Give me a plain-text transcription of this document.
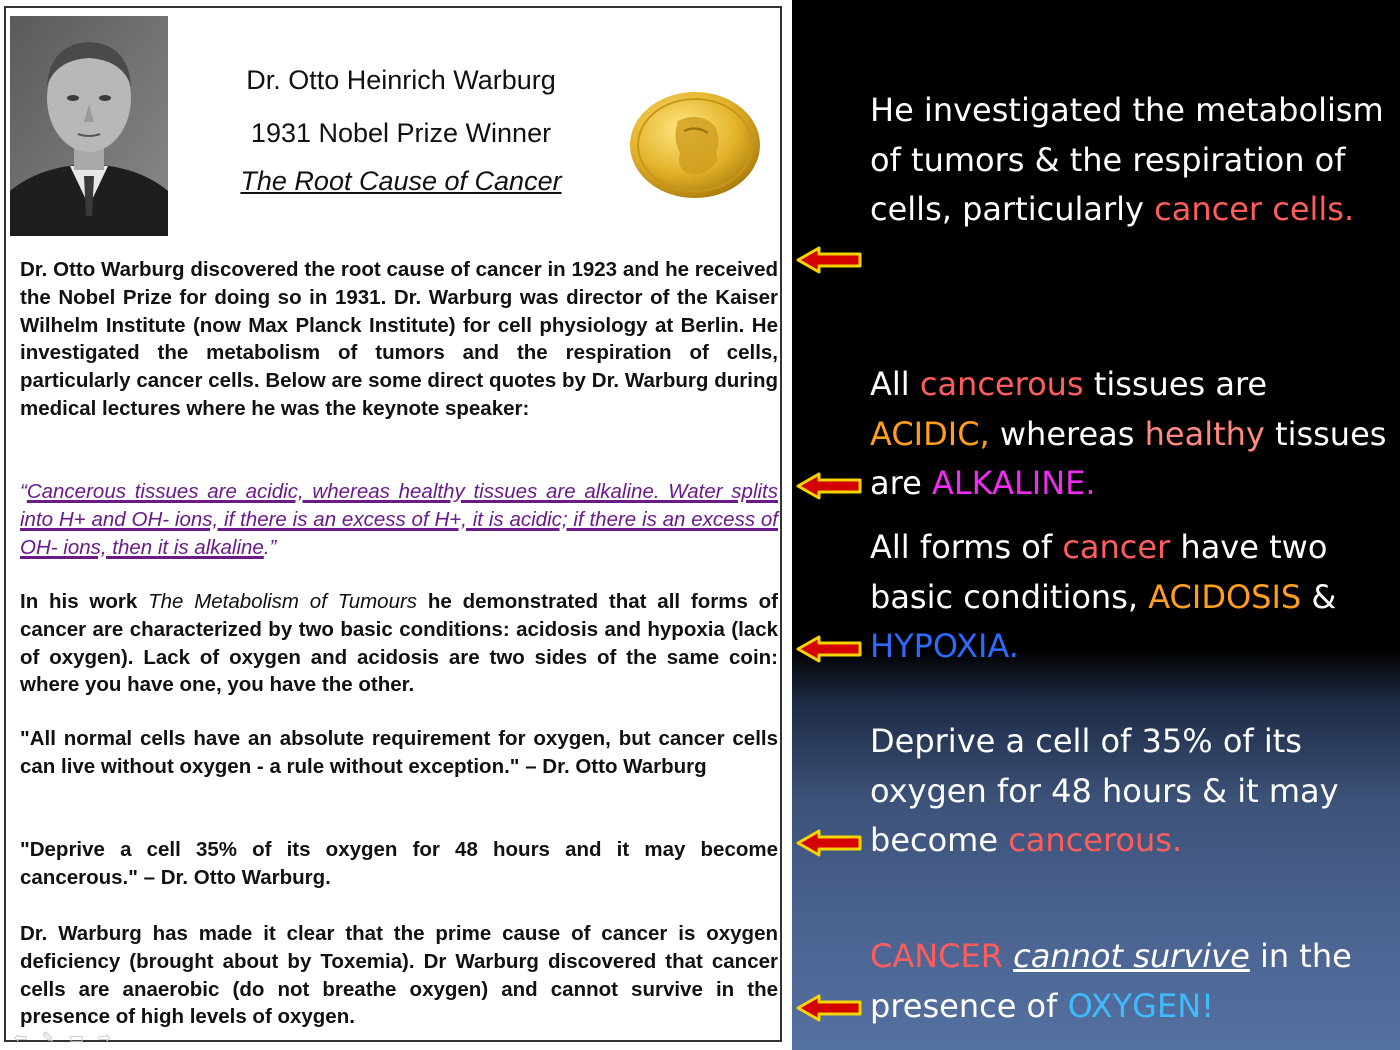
Dr. Otto Heinrich Warburg
1931 Nobel Prize Winner
The Root Cause of Cancer

Dr. Otto Warburg discovered the root cause of cancer in 1923 and he received the Nobel Prize for doing so in 1931. Dr. Warburg was director of the Kaiser Wilhelm Institute (now Max Planck Institute) for cell physiology at Berlin. He investigated the metabolism of tumors and the respiration of cells, particularly cancer cells. Below are some direct quotes by Dr. Warburg during medical lectures where he was the keynote speaker:

“Cancerous tissues are acidic, whereas healthy tissues are alkaline. Water splits into H+ and OH- ions, if there is an excess of H+, it is acidic; if there is an excess of OH- ions, then it is alkaline.”

In his work The Metabolism of Tumours he demonstrated that all forms of cancer are characterized by two basic conditions: acidosis and hypoxia (lack of oxygen). Lack of oxygen and acidosis are two sides of the same coin: where you have one, you have the other.

"All normal cells have an absolute requirement for oxygen, but cancer cells can live without oxygen - a rule without exception." – Dr. Otto Warburg

"Deprive a cell 35% of its oxygen for 48 hours and it may become cancerous." – Dr. Otto Warburg.

Dr. Warburg has made it clear that the prime cause of cancer is oxygen deficiency (brought about by Toxemia). Dr Warburg discovered that cancer cells are anaerobic (do not breathe oxygen) and cannot survive in the presence of high levels of oxygen.

⇦ ✎ ▭ ⇨

He investigated the metabolism of tumors & the respiration of cells, particularly cancer cells.

All cancerous tissues are ACIDIC, whereas healthy tissues are ALKALINE.

All forms of cancer have two basic conditions, ACIDOSIS & HYPOXIA.

Deprive a cell of 35% of its oxygen for 48 hours & it may become cancerous.

CANCER cannot survive in the presence of OXYGEN!
